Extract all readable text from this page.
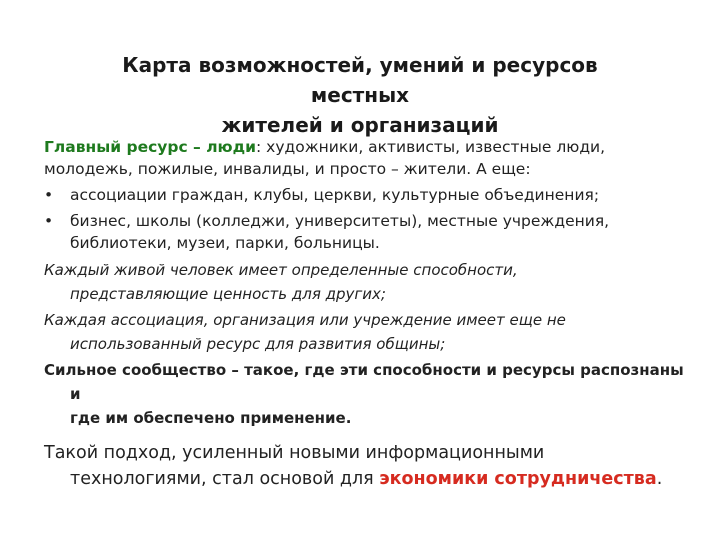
Карта возможностей, умений и ресурсов местных
жителей и организаций
Главный ресурс – люди: художники, активисты, известные люди,
молодежь, пожилые, инвалиды, и просто – жители. А еще:
•	ассоциации граждан, клубы, церкви, культурные объединения;
•	бизнес, школы (колледжи, университеты), местные учреждения,
библиотеки, музеи, парки, больницы.
Каждый живой человек имеет определенные способности,
представляющие ценность для других;
Каждая ассоциация, организация или учреждение имеет еще не
использованный ресурс для развития общины;
Сильное сообщество – такое, где эти способности и ресурсы распознаны и
где им обеспечено применение.
Такой подход, усиленный новыми информационными
технологиями, стал основой для экономики сотрудничества.
